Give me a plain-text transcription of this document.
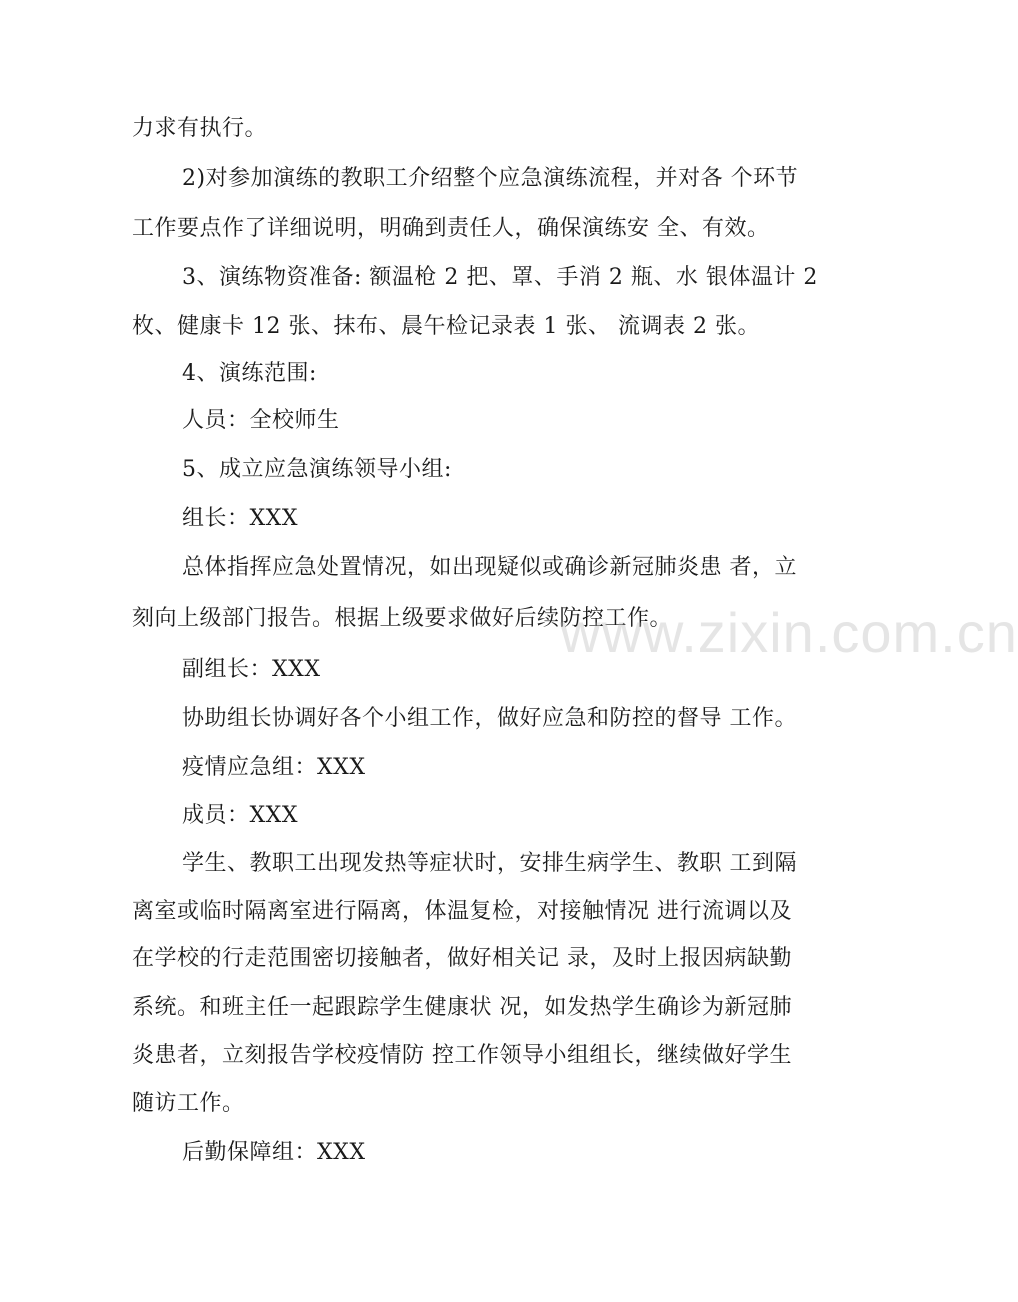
力求有执行。
2)对参加演练的教职工介绍整个应急演练流程，并对各 个环节
工作要点作了详细说明，明确到责任人，确保演练安 全、有效。
3、演练物资准备: 额温枪 2 把、罩、手消 2 瓶、水 银体温计 2
枚、健康卡 12 张、抹布、晨午检记录表 1 张、 流调表 2 张。
4、演练范围:
人员：全校师生
5、成立应急演练领导小组:
组长：XXX
总体指挥应急处置情况，如出现疑似或确诊新冠肺炎患 者，立
刻向上级部门报告。根据上级要求做好后续防控工作。
副组长：XXX
协助组长协调好各个小组工作，做好应急和防控的督导 工作。
疫情应急组：XXX
成员：XXX
学生、教职工出现发热等症状时，安排生病学生、教职 工到隔
离室或临时隔离室进行隔离，体温复检，对接触情况 进行流调以及
在学校的行走范围密切接触者，做好相关记 录，及时上报因病缺勤
系统。和班主任一起跟踪学生健康状 况，如发热学生确诊为新冠肺
炎患者，立刻报告学校疫情防 控工作领导小组组长，继续做好学生
随访工作。
后勤保障组：XXX
www.zixin.com.cn
